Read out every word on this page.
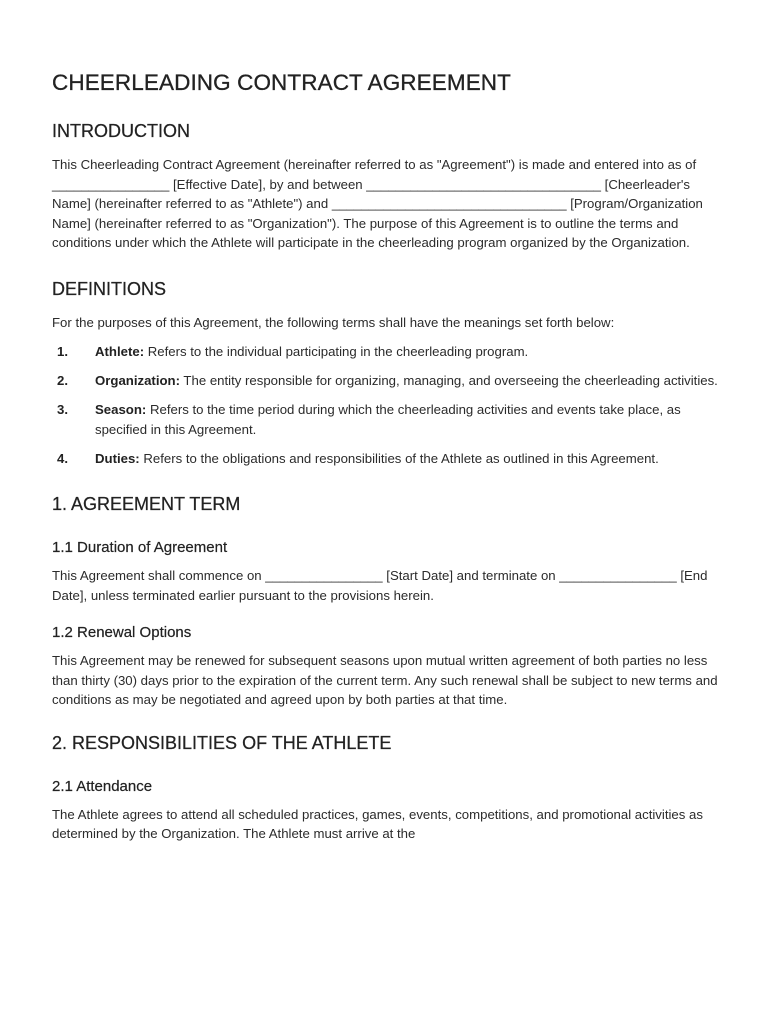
CHEERLEADING CONTRACT AGREEMENT
INTRODUCTION

This Cheerleading Contract Agreement (hereinafter referred to as "Agreement") is made and entered into as of ________________ [Effective Date], by and between ________________________________ [Cheerleader's Name] (hereinafter referred to as "Athlete") and ________________________________ [Program/Organization Name] (hereinafter referred to as "Organization"). The purpose of this Agreement is to outline the terms and conditions under which the Athlete will participate in the cheerleading program organized by the Organization.

DEFINITIONS

For the purposes of this Agreement, the following terms shall have the meanings set forth below:

1.	Athlete: Refers to the individual participating in the cheerleading program.
2.	Organization: The entity responsible for organizing, managing, and overseeing the cheerleading activities.
3.	Season: Refers to the time period during which the cheerleading activities and events take place, as specified in this Agreement.
4.	Duties: Refers to the obligations and responsibilities of the Athlete as outlined in this Agreement.
1. AGREEMENT TERM
1.1 Duration of Agreement

This Agreement shall commence on ________________ [Start Date] and terminate on ________________ [End Date], unless terminated earlier pursuant to the provisions herein.

1.2 Renewal Options

This Agreement may be renewed for subsequent seasons upon mutual written agreement of both parties no less than thirty (30) days prior to the expiration of the current term. Any such renewal shall be subject to new terms and conditions as may be negotiated and agreed upon by both parties at that time.

2. RESPONSIBILITIES OF THE ATHLETE
2.1 Attendance

The Athlete agrees to attend all scheduled practices, games, events, competitions, and promotional activities as determined by the Organization. The Athlete must arrive at the
